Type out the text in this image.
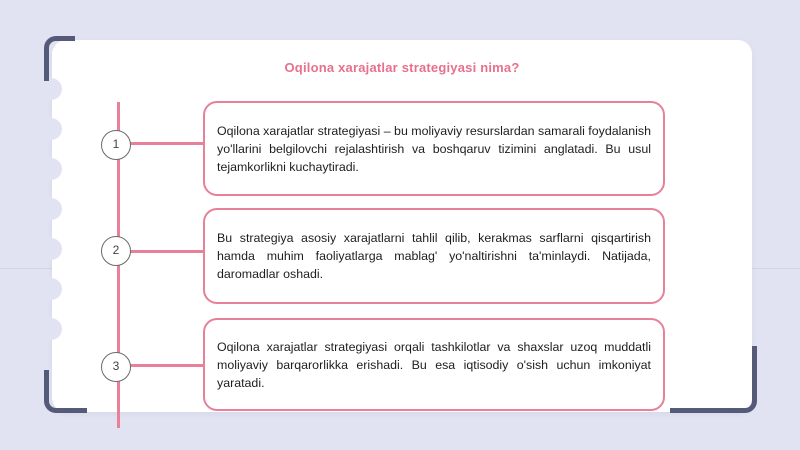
Oqilona xarajatlar strategiyasi nima?
1

Oqilona xarajatlar strategiyasi – bu moliyaviy resurslardan samarali foydalanish yo'llarini belgilovchi rejalashtirish va boshqaruv tizimini anglatadi. Bu usul tejamkorlikni kuchaytiradi.

2

Bu strategiya asosiy xarajatlarni tahlil qilib, kerakmas sarflarni qisqartirish hamda muhim faoliyatlarga mablag' yo'naltirishni ta'minlaydi. Natijada, daromadlar oshadi.

3

Oqilona xarajatlar strategiyasi orqali tashkilotlar va shaxslar uzoq muddatli moliyaviy barqarorlikka erishadi. Bu esa iqtisodiy o'sish uchun imkoniyat yaratadi.
